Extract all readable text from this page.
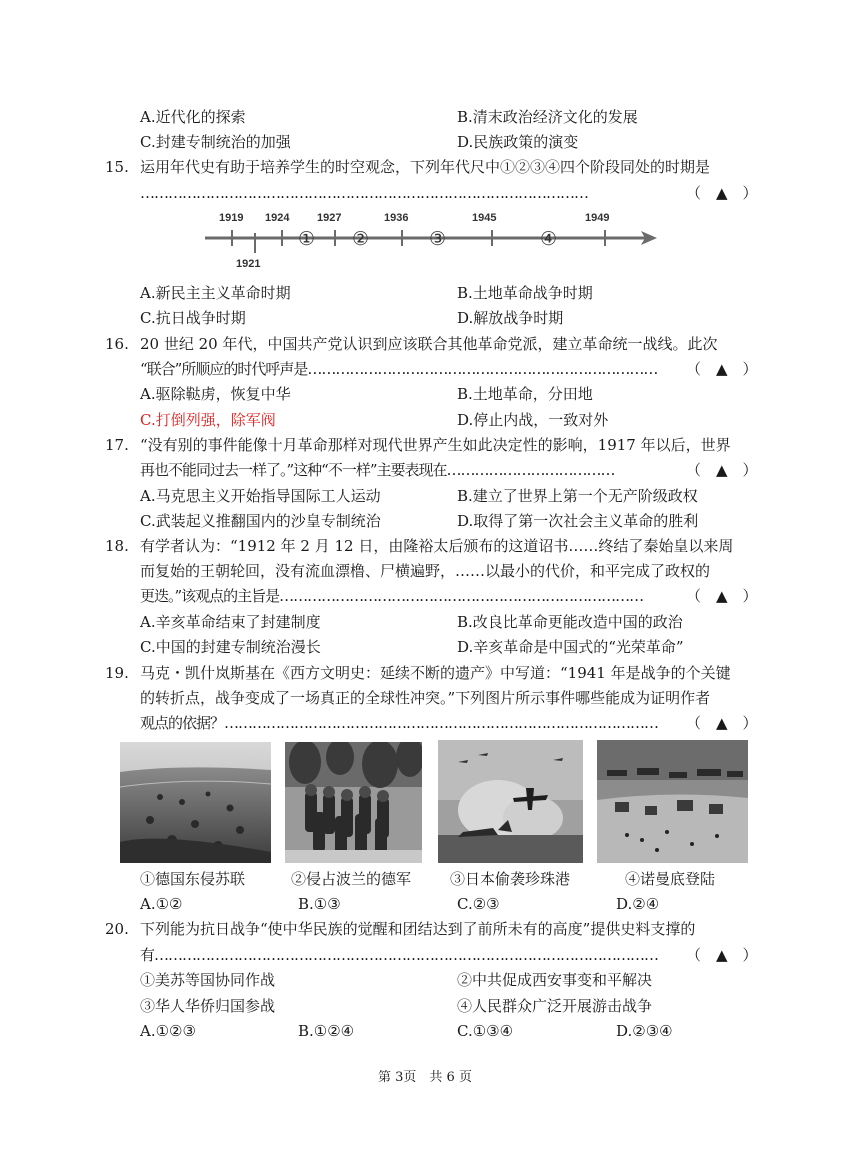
A.近代化的探索	B.清末政治经济文化的发展
C.封建专制统治的加强	D.民族政策的演变
15. 运用年代史有助于培养学生的时空观念，下列年代尺中①②③④四个阶段同处的时期是
……………………………………………………………………………………	（　▲　）
1919 1924	1927	1936	1945	1949
1921
① ②	③	④
A.新民主主义革命时期	B.土地革命战争时期
C.抗日战争时期	D.解放战争时期
16. 20 世纪 20 年代，中国共产党认识到应该联合其他革命党派，建立革命统一战线。此次
“联合”所顺应的时代呼声是…………………………………………………………………	（　▲　）
A.驱除鞑虏，恢复中华	B.土地革命，分田地
C.打倒列强，除军阀	D.停止内战，一致对外
17. “没有别的事件能像十月革命那样对现代世界产生如此决定性的影响，1917 年以后，世界
再也不能同过去一样了。”这种“不一样”主要表现在………………………………	（　▲　）
A.马克思主义开始指导国际工人运动	B.建立了世界上第一个无产阶级政权
C.武装起义推翻国内的沙皇专制统治	D.取得了第一次社会主义革命的胜利
18. 有学者认为：“1912 年 2 月 12 日，由隆裕太后颁布的这道诏书……终结了秦始皇以来周
而复始的王朝轮回，没有流血漂橹、尸横遍野，……以最小的代价，和平完成了政权的
更迭。”该观点的主旨是……………………………………………………………………	（　▲　）
A.辛亥革命结束了封建制度	B.改良比革命更能改造中国的政治
C.中国的封建专制统治漫长	D.辛亥革命是中国式的“光荣革命”
19. 马克・凯什岚斯基在《西方文明史：延续不断的遗产》中写道：“1941 年是战争的个关键
的转折点，战争变成了一场真正的全球性冲突。”下列图片所示事件哪些能成为证明作者
观点的依据？…………………………………………………………………………………	（　▲　）
①德国东侵苏联	②侵占波兰的德军	③日本偷袭珍珠港	④诺曼底登陆
A.①②	B.①③	C.②③	D.②④
20. 下列能为抗日战争“使中华民族的觉醒和团结达到了前所未有的高度”提供史料支撑的
有………………………………………………………………………………………………	（　▲　）
①美苏等国协同作战	②中共促成西安事变和平解决
③华人华侨归国参战	④人民群众广泛开展游击战争
A.①②③	B.①②④	C.①③④	D.②③④
第 3页　共 6 页
